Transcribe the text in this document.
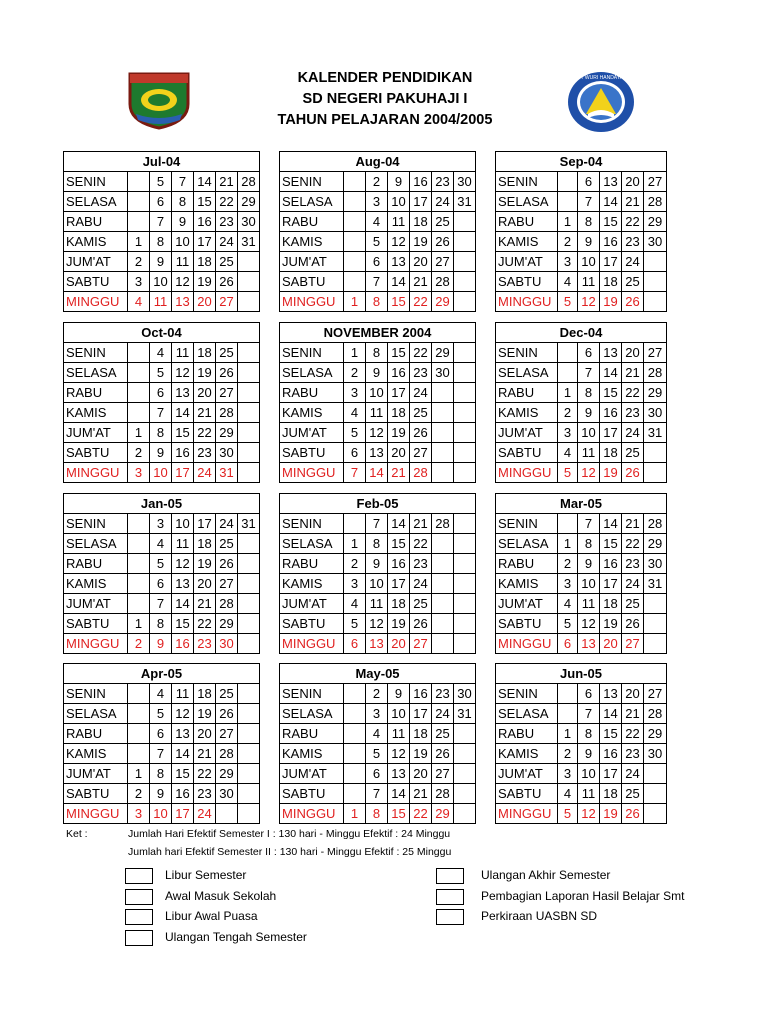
TUT WURI HANDAYANI
KALENDER PENDIDIKAN
SD NEGERI PAKUHAJI I
TAHUN PELAJARAN 2004/2005
Jul-04						
SENIN		5	7	14	21	28
SELASA		6	8	15	22	29
RABU		7	9	16	23	30
KAMIS	1	8	10	17	24	31
JUM'AT	2	9	11	18	25	
SABTU	3	10	12	19	26	
MINGGU	4	11	13	20	27	
Aug-04						
SENIN		2	9	16	23	30
SELASA		3	10	17	24	31
RABU		4	11	18	25	
KAMIS		5	12	19	26	
JUM'AT		6	13	20	27	
SABTU		7	14	21	28	
MINGGU	1	8	15	22	29	
Sep-04					
SENIN		6	13	20	27
SELASA		7	14	21	28
RABU	1	8	15	22	29
KAMIS	2	9	16	23	30
JUM'AT	3	10	17	24	
SABTU	4	11	18	25	
MINGGU	5	12	19	26	
Oct-04						
SENIN		4	11	18	25	
SELASA		5	12	19	26	
RABU		6	13	20	27	
KAMIS		7	14	21	28	
JUM'AT	1	8	15	22	29	
SABTU	2	9	16	23	30	
MINGGU	3	10	17	24	31	
NOVEMBER 2004						
SENIN	1	8	15	22	29	
SELASA	2	9	16	23	30	
RABU	3	10	17	24		
KAMIS	4	11	18	25		
JUM'AT	5	12	19	26		
SABTU	6	13	20	27		
MINGGU	7	14	21	28		
Dec-04					
SENIN		6	13	20	27
SELASA		7	14	21	28
RABU	1	8	15	22	29
KAMIS	2	9	16	23	30
JUM'AT	3	10	17	24	31
SABTU	4	11	18	25	
MINGGU	5	12	19	26	
Jan-05						
SENIN		3	10	17	24	31
SELASA		4	11	18	25	
RABU		5	12	19	26	
KAMIS		6	13	20	27	
JUM'AT		7	14	21	28	
SABTU	1	8	15	22	29	
MINGGU	2	9	16	23	30	
Feb-05						
SENIN		7	14	21	28	
SELASA	1	8	15	22		
RABU	2	9	16	23		
KAMIS	3	10	17	24		
JUM'AT	4	11	18	25		
SABTU	5	12	19	26		
MINGGU	6	13	20	27		
Mar-05					
SENIN		7	14	21	28
SELASA	1	8	15	22	29
RABU	2	9	16	23	30
KAMIS	3	10	17	24	31
JUM'AT	4	11	18	25	
SABTU	5	12	19	26	
MINGGU	6	13	20	27	
Apr-05						
SENIN		4	11	18	25	
SELASA		5	12	19	26	
RABU		6	13	20	27	
KAMIS		7	14	21	28	
JUM'AT	1	8	15	22	29	
SABTU	2	9	16	23	30	
MINGGU	3	10	17	24		
May-05						
SENIN		2	9	16	23	30
SELASA		3	10	17	24	31
RABU		4	11	18	25	
KAMIS		5	12	19	26	
JUM'AT		6	13	20	27	
SABTU		7	14	21	28	
MINGGU	1	8	15	22	29	
Jun-05					
SENIN		6	13	20	27
SELASA		7	14	21	28
RABU	1	8	15	22	29
KAMIS	2	9	16	23	30
JUM'AT	3	10	17	24	
SABTU	4	11	18	25	
MINGGU	5	12	19	26	
Ket :	Jumlah Hari Efektif Semester I : 130 hari - Minggu Efektif : 24 Minggu
Jumlah hari Efektif Semester II : 130 hari - Minggu Efektif : 25 Minggu
Libur Semester
Awal Masuk Sekolah
Libur Awal Puasa
Ulangan Tengah Semester
Ulangan Akhir Semester
Pembagian Laporan Hasil Belajar Smt
Perkiraan UASBN SD
